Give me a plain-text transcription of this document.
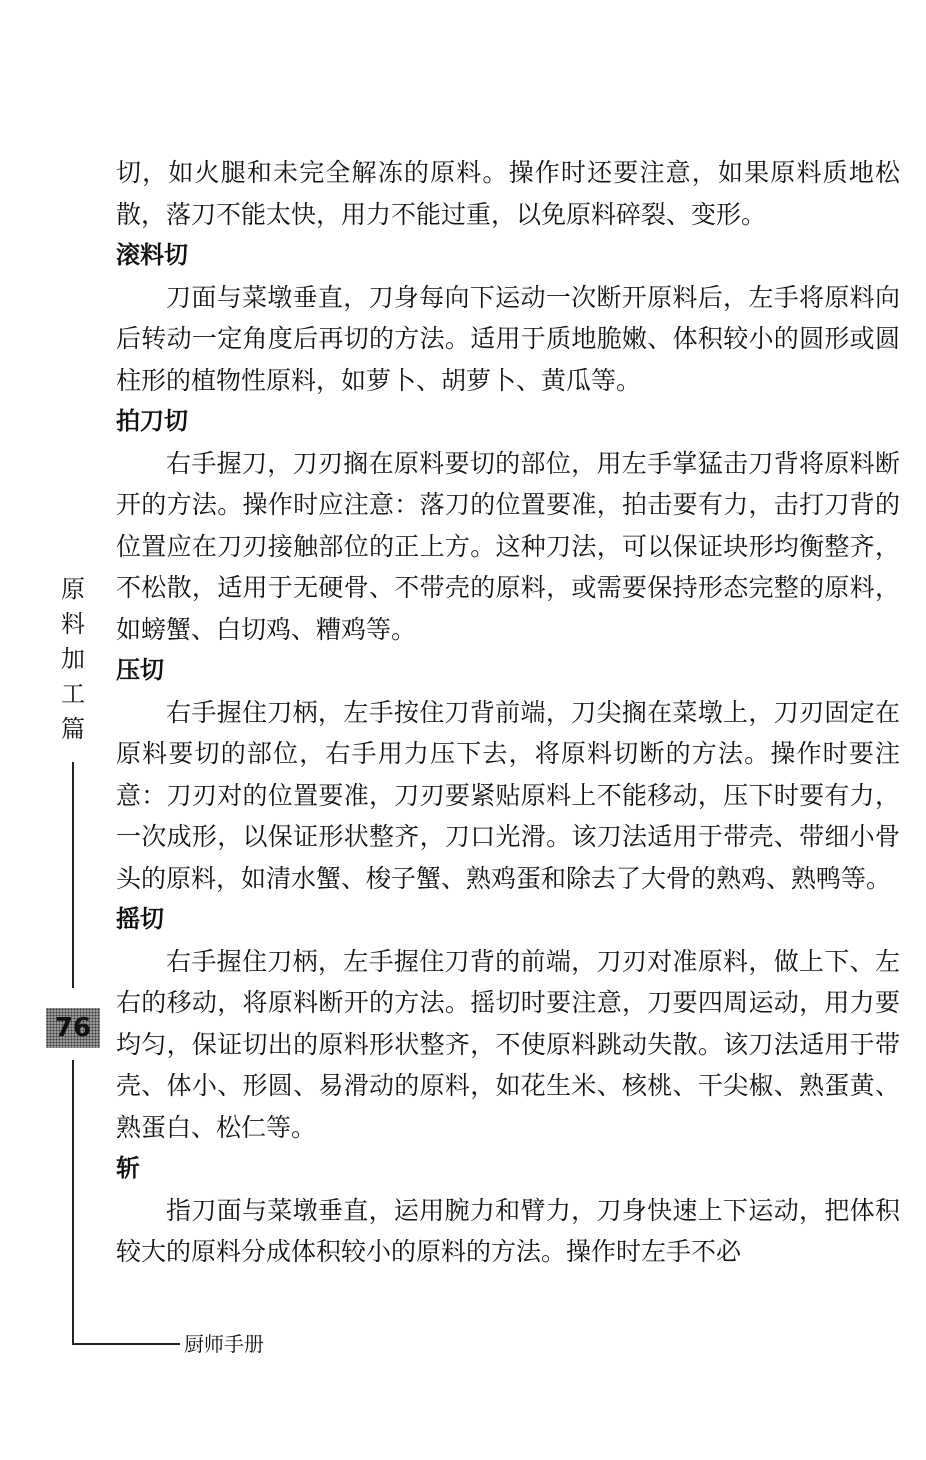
切，如火腿和未完全解冻的原料。操作时还要注意，如果原料质地松散，落刀不能太快，用力不能过重，以免原料碎裂、变形。

滚料切

刀面与菜墩垂直，刀身每向下运动一次断开原料后，左手将原料向后转动一定角度后再切的方法。适用于质地脆嫩、体积较小的圆形或圆柱形的植物性原料，如萝卜、胡萝卜、黄瓜等。

拍刀切

右手握刀，刀刃搁在原料要切的部位，用左手掌猛击刀背将原料断开的方法。操作时应注意：落刀的位置要准，拍击要有力，击打刀背的位置应在刀刃接触部位的正上方。这种刀法，可以保证块形均衡整齐，不松散，适用于无硬骨、不带壳的原料，或需要保持形态完整的原料，如螃蟹、白切鸡、糟鸡等。

压切

右手握住刀柄，左手按住刀背前端，刀尖搁在菜墩上，刀刃固定在原料要切的部位，右手用力压下去，将原料切断的方法。操作时要注意：刀刃对的位置要准，刀刃要紧贴原料上不能移动，压下时要有力，一次成形，以保证形状整齐，刀口光滑。该刀法适用于带壳、带细小骨头的原料，如清水蟹、梭子蟹、熟鸡蛋和除去了大骨的熟鸡、熟鸭等。

摇切

右手握住刀柄，左手握住刀背的前端，刀刃对准原料，做上下、左右的移动，将原料断开的方法。摇切时要注意，刀要四周运动，用力要均匀，保证切出的原料形状整齐，不使原料跳动失散。该刀法适用于带壳、体小、形圆、易滑动的原料，如花生米、核桃、干尖椒、熟蛋黄、熟蛋白、松仁等。

斩

指刀面与菜墩垂直，运用腕力和臂力，刀身快速上下运动，把体积较大的原料分成体积较小的原料的方法。操作时左手不必

原
料
加
工
篇
76
厨师手册
